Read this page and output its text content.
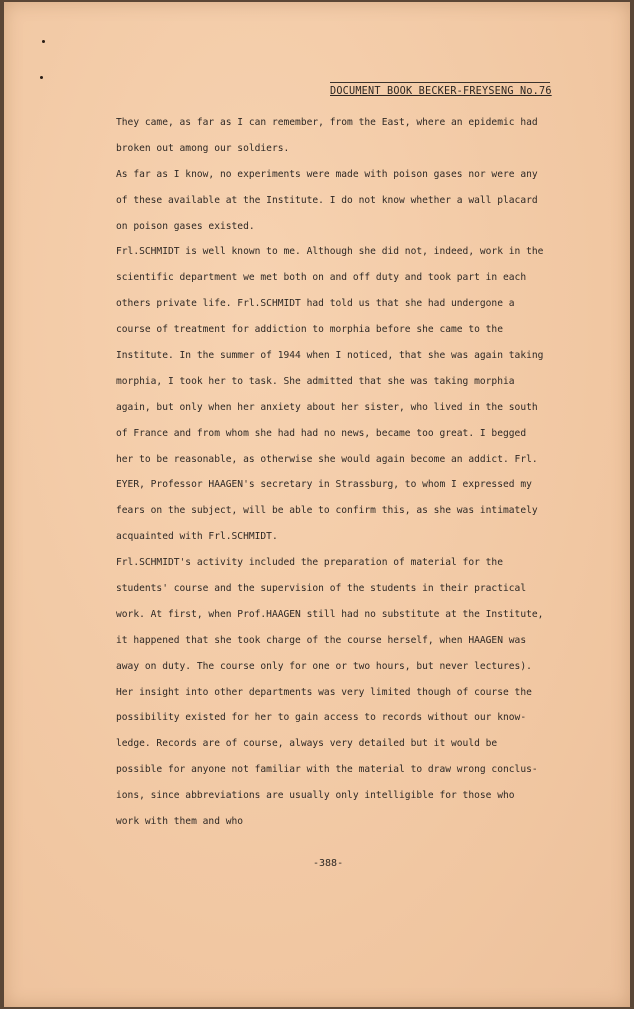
DOCUMENT BOOK BECKER-FREYSENG No.76
They came, as far as I can remember, from the East, where an epidemic had
broken out among our soldiers.
As far as I know, no experiments were made with poison gases nor were any
of these available at the Institute. I do not know whether a wall placard
on poison gases existed.
Frl.SCHMIDT is well known to me. Although she did not, indeed, work in the
scientific department we met both on and off duty and took part in each
others private life. Frl.SCHMIDT had told us that she had undergone a
course of treatment for addiction to morphia before she came to the
Institute. In the summer of 1944 when I noticed, that she was again taking
morphia, I took her to task. She admitted that she was taking morphia
again, but only when her anxiety about her sister, who lived in the south
of France and from whom she had had no news, became too great. I begged
her to be reasonable, as otherwise she would again become an addict. Frl.
EYER, Professor HAAGEN's secretary in Strassburg, to whom I expressed my
fears on the subject, will be able to confirm this, as she was intimately
acquainted with Frl.SCHMIDT.
Frl.SCHMIDT's activity included the preparation of material for the
students' course and the supervision of the students in their practical
work. At first, when Prof.HAAGEN still had no substitute at the Institute,
it happened that she took charge of the course herself, when HAAGEN was
away on duty. The course only for one or two hours, but never lectures).
Her insight into other departments was very limited though of course the
possibility existed for her to gain access to records without our know-
ledge. Records are of course, always very detailed but it would be
possible for anyone not familiar with the material to draw wrong conclus-
ions, since abbreviations are usually only intelligible for those who
work with them and who
-388-
